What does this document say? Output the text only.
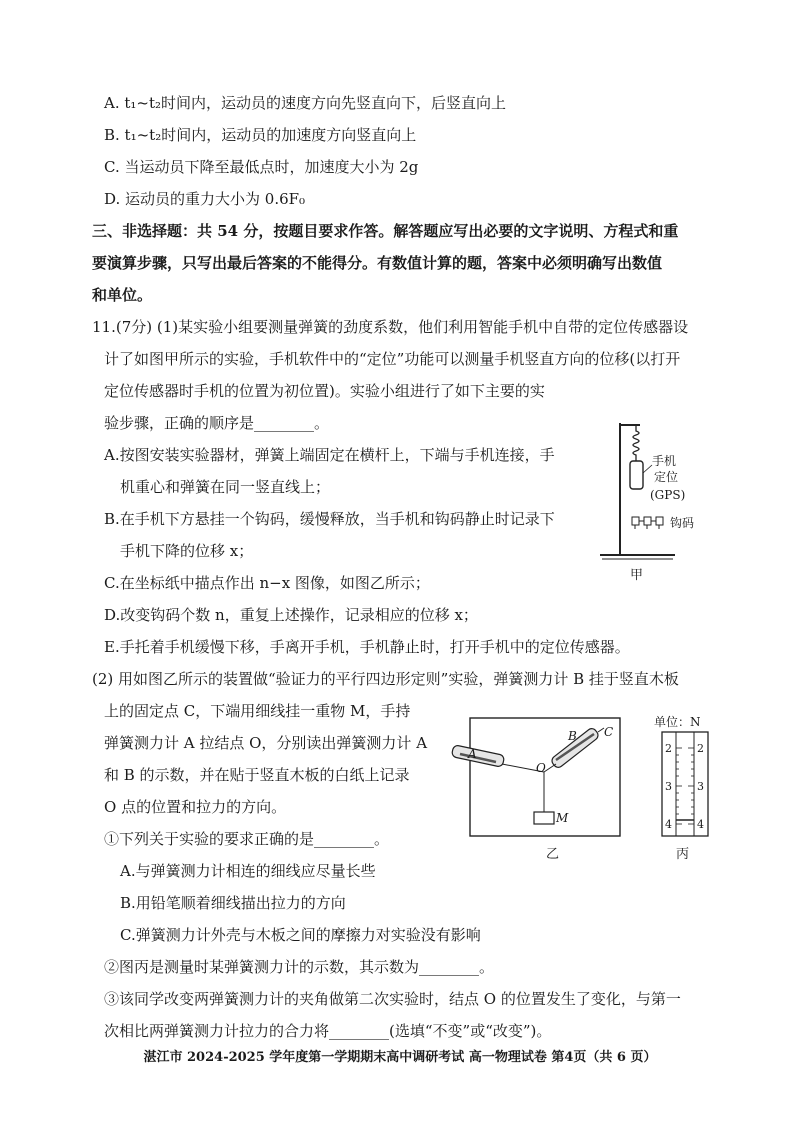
A. t₁~t₂时间内，运动员的速度方向先竖直向下，后竖直向上
B. t₁~t₂时间内，运动员的加速度方向竖直向上
C. 当运动员下降至最低点时，加速度大小为 2g
D. 运动员的重力大小为 0.6F₀
三、非选择题：共 54 分，按题目要求作答。解答题应写出必要的文字说明、方程式和重
要演算步骤，只写出最后答案的不能得分。有数值计算的题，答案中必须明确写出数值
和单位。
11.(7分) (1)某实验小组要测量弹簧的劲度系数，他们利用智能手机中自带的定位传感器设
计了如图甲所示的实验，手机软件中的“定位”功能可以测量手机竖直方向的位移(以打开
定位传感器时手机的位置为初位置)。实验小组进行了如下主要的实
验步骤，正确的顺序是________。
A.按图安装实验器材，弹簧上端固定在横杆上，下端与手机连接，手
机重心和弹簧在同一竖直线上；
B.在手机下方悬挂一个钩码，缓慢释放，当手机和钩码静止时记录下
手机下降的位移 x；
C.在坐标纸中描点作出 n−x 图像，如图乙所示；
D.改变钩码个数 n，重复上述操作，记录相应的位移 x；
E.手托着手机缓慢下移，手离开手机，手机静止时，打开手机中的定位传感器。
手机
定位
(GPS)
钩码
甲
(2) 用如图乙所示的装置做“验证力的平行四边形定则”实验，弹簧测力计 B 挂于竖直木板
上的固定点 C，下端用细线挂一重物 M，手持
弹簧测力计 A 拉结点 O，分别读出弹簧测力计 A
和 B 的示数，并在贴于竖直木板的白纸上记录
O 点的位置和拉力的方向。
①下列关于实验的要求正确的是________。
A.与弹簧测力计相连的细线应尽量长些
B.用铅笔顺着细线描出拉力的方向
C.弹簧测力计外壳与木板之间的摩擦力对实验没有影响
②图丙是测量时某弹簧测力计的示数，其示数为________。
③该同学改变两弹簧测力计的夹角做第二次实验时，结点 O 的位置发生了变化，与第一
次相比两弹簧测力计拉力的合力将________(选填“不变”或“改变”)。
A
B C
O
M
乙
单位：N
2
3
4
2
3
4
丙
湛江市 2024-2025 学年度第一学期期末高中调研考试 高一物理试卷 第4页（共 6 页）
